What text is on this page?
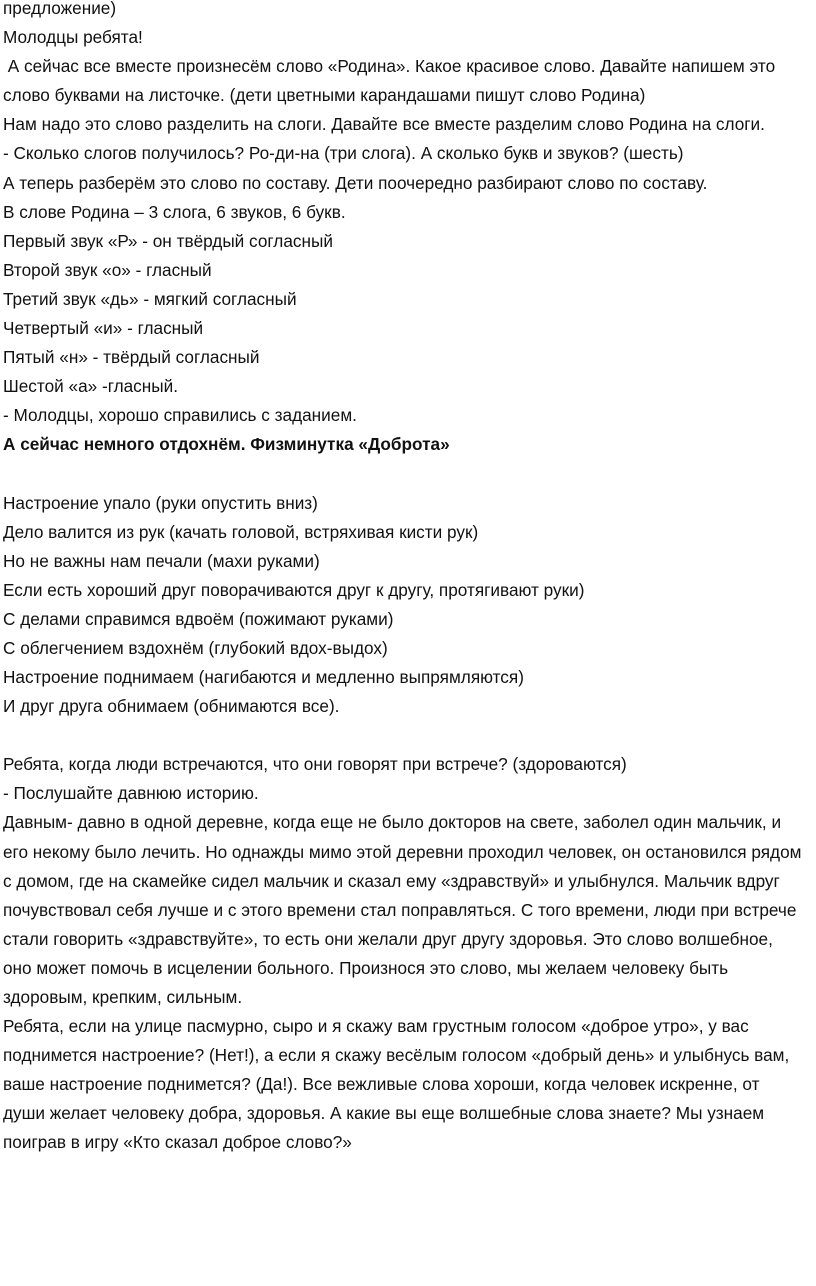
предложение)

Молодцы ребята!

А сейчас все вместе произнесём слово «Родина». Какое красивое слово. Давайте напишем это слово буквами на листочке. (дети цветными карандашами пишут слово Родина)

Нам надо это слово разделить на слоги. Давайте все вместе разделим слово Родина на слоги.

- Сколько слогов получилось? Ро-ди-на (три слога). А сколько букв и звуков? (шесть)

А теперь разберём это слово по составу. Дети поочередно разбирают слово по составу.

В слове Родина – 3 слога, 6 звуков, 6 букв.

Первый звук «Р» - он твёрдый согласный

Второй звук «о» - гласный

Третий звук «дь» - мягкий согласный

Четвертый «и» - гласный

Пятый «н» - твёрдый согласный

Шестой «а» -гласный.

- Молодцы, хорошо справились с заданием.

А сейчас немного отдохнём. Физминутка «Доброта»

Настроение упало (руки опустить вниз)

Дело валится из рук (качать головой, встряхивая кисти рук)

Но не важны нам печали (махи руками)

Если есть хороший друг поворачиваются друг к другу, протягивают руки)

С делами справимся вдвоём (пожимают руками)

С облегчением вздохнём (глубокий вдох-выдох)

Настроение поднимаем (нагибаются и медленно выпрямляются)

И друг друга обнимаем (обнимаются все).

Ребята, когда люди встречаются, что они говорят при встрече? (здороваются)

- Послушайте давнюю историю.

Давным- давно в одной деревне, когда еще не было докторов на свете, заболел один мальчик, и его некому было лечить. Но однажды мимо этой деревни проходил человек, он остановился рядом с домом, где на скамейке сидел мальчик и сказал ему «здравствуй» и улыбнулся. Мальчик вдруг почувствовал себя лучше и с этого времени стал поправляться. С того времени, люди при встрече стали говорить «здравствуйте», то есть они желали друг другу здоровья. Это слово волшебное, оно может помочь в исцелении больного. Произнося это слово, мы желаем человеку быть здоровым, крепким, сильным.

Ребята, если на улице пасмурно, сыро и я скажу вам грустным голосом «доброе утро», у вас поднимется настроение? (Нет!), а если я скажу весёлым голосом «добрый день» и улыбнусь вам, ваше настроение поднимется? (Да!). Все вежливые слова хороши, когда человек искренне, от души желает человеку добра, здоровья. А какие вы еще волшебные слова знаете? Мы узнаем поиграв в игру «Кто сказал доброе слово?»
